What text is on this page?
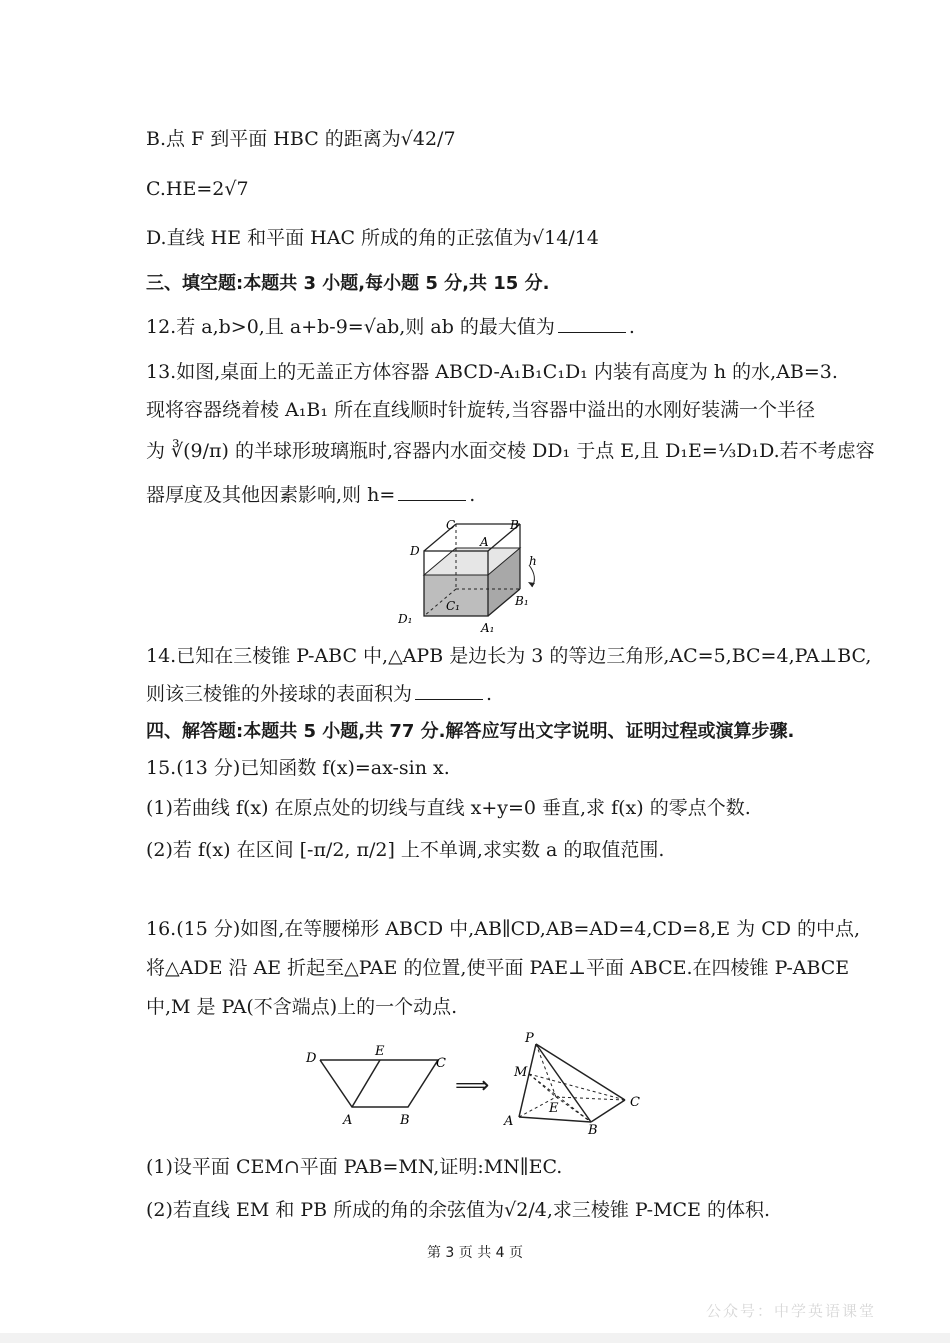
B.点 F 到平面 HBC 的距离为√42/7
C.HE=2√7
D.直线 HE 和平面 HAC 所成的角的正弦值为√14/14
三、填空题:本题共 3 小题,每小题 5 分,共 15 分.
12.若 a,b>0,且 a+b-9=√ab,则 ab 的最大值为	.
13.如图,桌面上的无盖正方体容器 ABCD-A₁B₁C₁D₁ 内装有高度为 h 的水,AB=3.
现将容器绕着棱 A₁B₁ 所在直线顺时针旋转,当容器中溢出的水刚好装满一个半径
为 ∛(9/π) 的半球形玻璃瓶时,容器内水面交棱 DD₁ 于点 E,且 D₁E=⅓D₁D.若不考虑容
器厚度及其他因素影响,则 h=	.
C	B
D
A
h
B₁
C₁
D₁
A₁
14.已知在三棱锥 P-ABC 中,△APB 是边长为 3 的等边三角形,AC=5,BC=4,PA⊥BC,
则该三棱锥的外接球的表面积为	.
四、解答题:本题共 5 小题,共 77 分.解答应写出文字说明、证明过程或演算步骤.
15.(13 分)已知函数 f(x)=ax-sin x.
(1)若曲线 f(x) 在原点处的切线与直线 x+y=0 垂直,求 f(x) 的零点个数.
(2)若 f(x) 在区间 [-π/2, π/2] 上不单调,求实数 a 的取值范围.
16.(15 分)如图,在等腰梯形 ABCD 中,AB∥CD,AB=AD=4,CD=8,E 为 CD 的中点,
将△ADE 沿 AE 折起至△PAE 的位置,使平面 PAE⊥平面 ABCE.在四棱锥 P-ABCE
中,M 是 PA(不含端点)上的一个动点.
D	E
C
A	B
⟹
P
M
E
A
B
C
(1)设平面 CEM∩平面 PAB=MN,证明:MN∥EC.
(2)若直线 EM 和 PB 所成的角的余弦值为√2/4,求三棱锥 P-MCE 的体积.
第 3 页 共 4 页
公众号：中学英语课堂
